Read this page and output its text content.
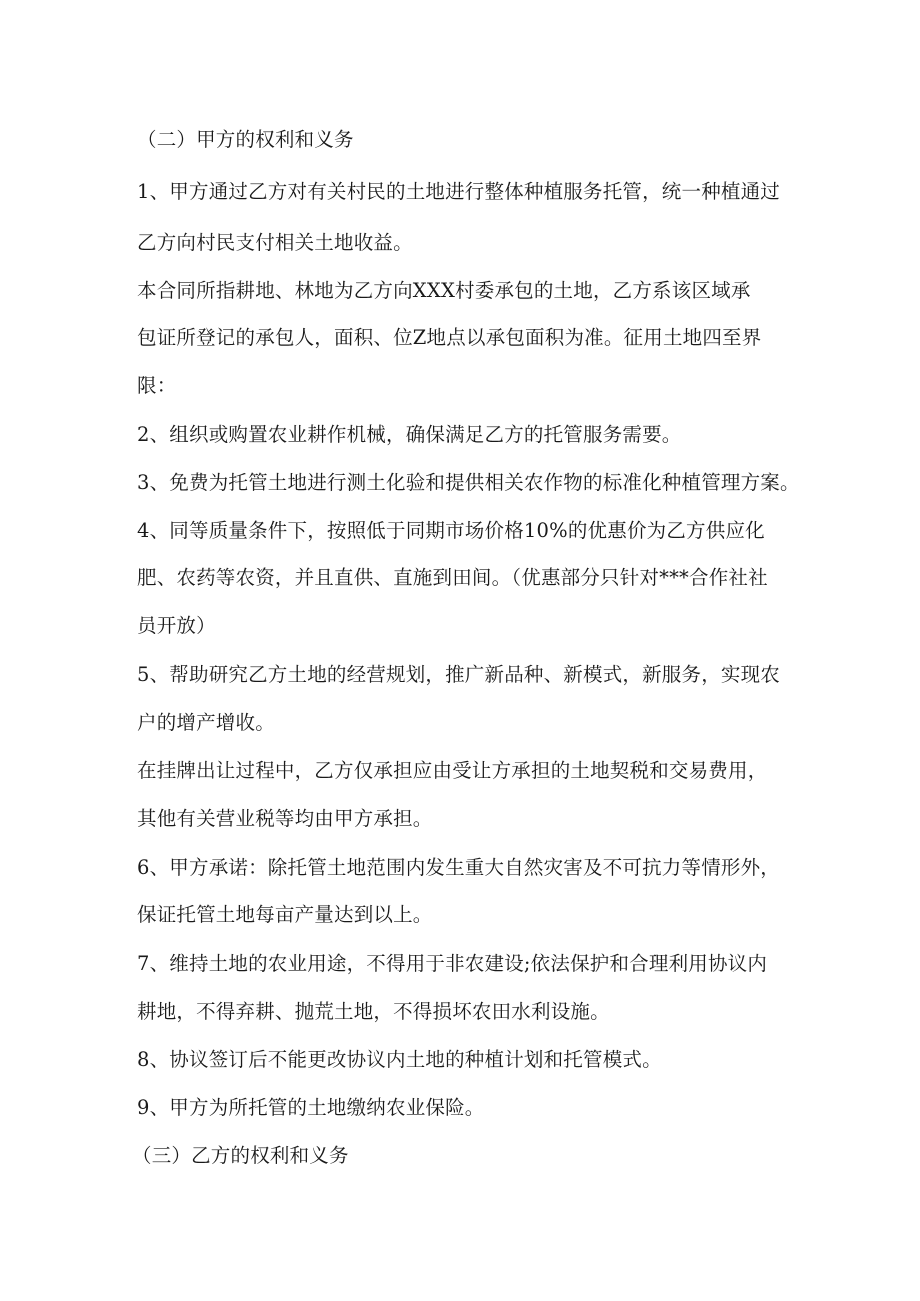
（二）甲方的权利和义务
1、甲方通过乙方对有关村民的土地进行整体种植服务托管，统一种植通过
乙方向村民支付相关土地收益。
本合同所指耕地、林地为乙方向XXX村委承包的土地，乙方系该区域承
包证所登记的承包人，面积、位Z地点以承包面积为准。征用土地四至界
限：
2、组织或购置农业耕作机械，确保满足乙方的托管服务需要。
3、免费为托管土地进行测土化验和提供相关农作物的标准化种植管理方案。
4、同等质量条件下，按照低于同期市场价格10%的优惠价为乙方供应化
肥、农药等农资，并且直供、直施到田间。（优惠部分只针对***合作社社
员开放）
5、帮助研究乙方土地的经营规划，推广新品种、新模式，新服务，实现农
户的增产增收。
在挂牌出让过程中，乙方仅承担应由受让方承担的土地契税和交易费用，
其他有关营业税等均由甲方承担。
6、甲方承诺：除托管土地范围内发生重大自然灾害及不可抗力等情形外，
保证托管土地每亩产量达到以上。
7、维持土地的农业用途，不得用于非农建设;依法保护和合理利用协议内
耕地，不得弃耕、抛荒土地，不得损坏农田水利设施。
8、协议签订后不能更改协议内土地的种植计划和托管模式。
9、甲方为所托管的土地缴纳农业保险。
（三）乙方的权利和义务
